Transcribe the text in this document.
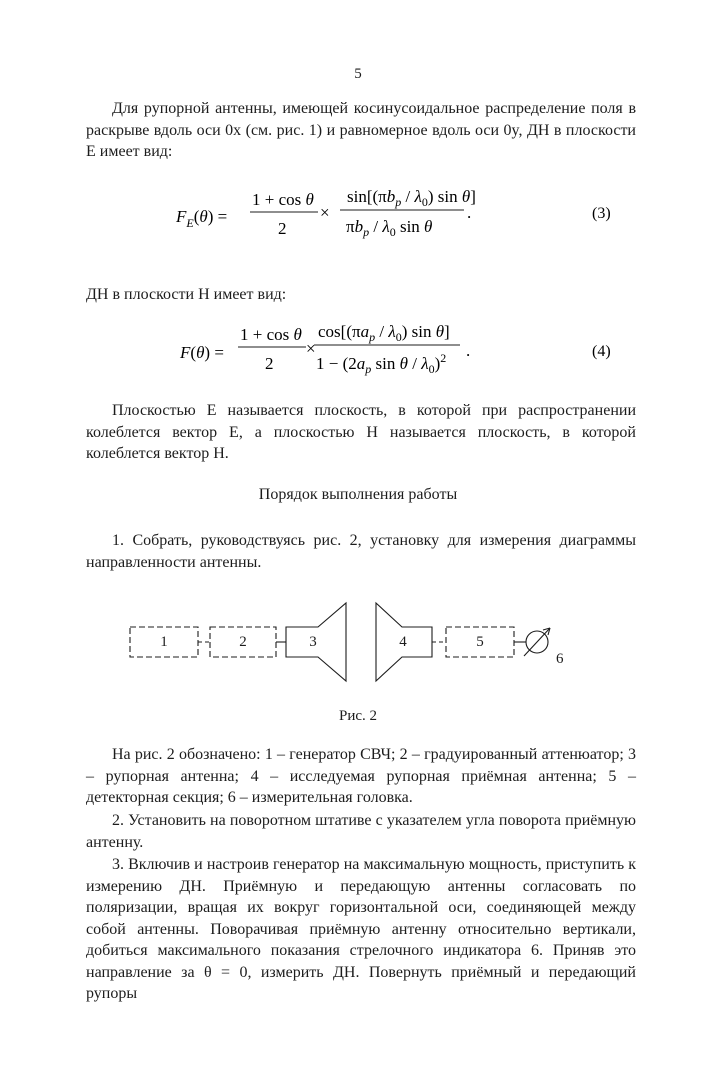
5
Для рупорной антенны, имеющей косинусоидальное распределение поля в раскрыве вдоль оси 0x (см. рис. 1) и равномерное вдоль оси 0y, ДН в плоскости Е имеет вид:
$F_E(\theta)$ =
1 + cos θ
2
×
$\sin[(\pi b_p / \lambda_0)$ sin θ]
$\pi b_p / \lambda_0$ sin θ
.	(3)
ДН в плоскости Н имеет вид:
F(θ) =
1 + cos θ
2
×
$\cos[(\pi a_p / \lambda_0)$ sin θ]
$1 - (2a_p$ sin θ / $\lambda_0)^2$ .	(4)
Плоскостью Е называется плоскость, в которой при распространении колеблется вектор E, а плоскостью Н называется плоскость, в которой колеблется вектор H.
Порядок выполнения работы
1. Собрать, руководствуясь рис. 2, установку для измерения диаграммы направленности антенны.
1	2	3	4	5
6
Рис. 2
На рис. 2 обозначено: 1 – генератор СВЧ; 2 – градуированный аттенюатор; 3 – рупорная антенна; 4 – исследуемая рупорная приёмная антенна; 5 – детекторная секция; 6 – измерительная головка.
2. Установить на поворотном штативе с указателем угла поворота приёмную антенну.
3. Включив и настроив генератор на максимальную мощность, приступить к измерению ДН. Приёмную и передающую антенны согласовать по поляризации, вращая их вокруг горизонтальной оси, соединяющей между собой антенны. Поворачивая приёмную антенну относительно вертикали, добиться максимального показания стрелочного индикатора 6. Приняв это направление за θ = 0, измерить ДН. Повернуть приёмный и передающий рупоры
